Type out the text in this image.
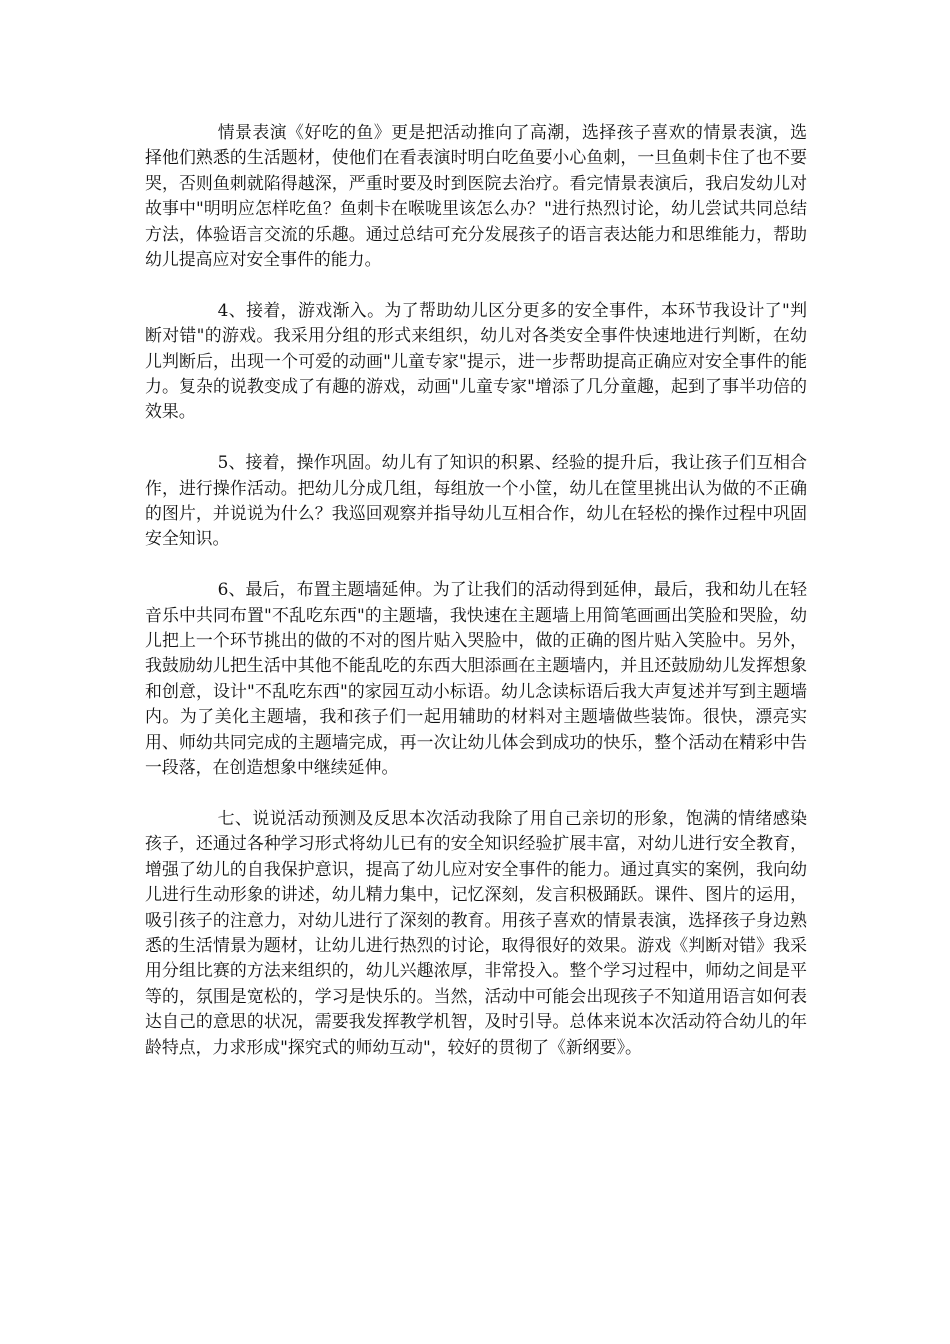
情景表演《好吃的鱼》更是把活动推向了高潮，选择孩子喜欢的情景表演，选择他们熟悉的生活题材，使他们在看表演时明白吃鱼要小心鱼刺，一旦鱼刺卡住了也不要哭，否则鱼刺就陷得越深，严重时要及时到医院去治疗。看完情景表演后，我启发幼儿对故事中"明明应怎样吃鱼？鱼刺卡在喉咙里该怎么办？"进行热烈讨论，幼儿尝试共同总结方法，体验语言交流的乐趣。通过总结可充分发展孩子的语言表达能力和思维能力，帮助幼儿提高应对安全事件的能力。

4、接着，游戏渐入。为了帮助幼儿区分更多的安全事件，本环节我设计了"判断对错"的游戏。我采用分组的形式来组织，幼儿对各类安全事件快速地进行判断，在幼儿判断后，出现一个可爱的动画"儿童专家"提示，进一步帮助提高正确应对安全事件的能力。复杂的说教变成了有趣的游戏，动画"儿童专家"增添了几分童趣，起到了事半功倍的效果。

5、接着，操作巩固。幼儿有了知识的积累、经验的提升后，我让孩子们互相合作，进行操作活动。把幼儿分成几组，每组放一个小筐，幼儿在筐里挑出认为做的不正确的图片，并说说为什么？我巡回观察并指导幼儿互相合作，幼儿在轻松的操作过程中巩固安全知识。

6、最后，布置主题墙延伸。为了让我们的活动得到延伸，最后，我和幼儿在轻音乐中共同布置"不乱吃东西"的主题墙，我快速在主题墙上用简笔画画出笑脸和哭脸，幼儿把上一个环节挑出的做的不对的图片贴入哭脸中，做的正确的图片贴入笑脸中。另外，我鼓励幼儿把生活中其他不能乱吃的东西大胆添画在主题墙内，并且还鼓励幼儿发挥想象和创意，设计"不乱吃东西"的家园互动小标语。幼儿念读标语后我大声复述并写到主题墙内。为了美化主题墙，我和孩子们一起用辅助的材料对主题墙做些装饰。很快，漂亮实用、师幼共同完成的主题墙完成，再一次让幼儿体会到成功的快乐，整个活动在精彩中告一段落，在创造想象中继续延伸。

七、说说活动预测及反思本次活动我除了用自己亲切的形象，饱满的情绪感染孩子，还通过各种学习形式将幼儿已有的安全知识经验扩展丰富，对幼儿进行安全教育，增强了幼儿的自我保护意识，提高了幼儿应对安全事件的能力。通过真实的案例，我向幼儿进行生动形象的讲述，幼儿精力集中，记忆深刻，发言积极踊跃。课件、图片的运用，吸引孩子的注意力，对幼儿进行了深刻的教育。用孩子喜欢的情景表演，选择孩子身边熟悉的生活情景为题材，让幼儿进行热烈的讨论，取得很好的效果。游戏《判断对错》我采用分组比赛的方法来组织的，幼儿兴趣浓厚，非常投入。整个学习过程中，师幼之间是平等的，氛围是宽松的，学习是快乐的。当然，活动中可能会出现孩子不知道用语言如何表达自己的意思的状况，需要我发挥教学机智，及时引导。总体来说本次活动符合幼儿的年龄特点，力求形成"探究式的师幼互动"，较好的贯彻了《新纲要》。
